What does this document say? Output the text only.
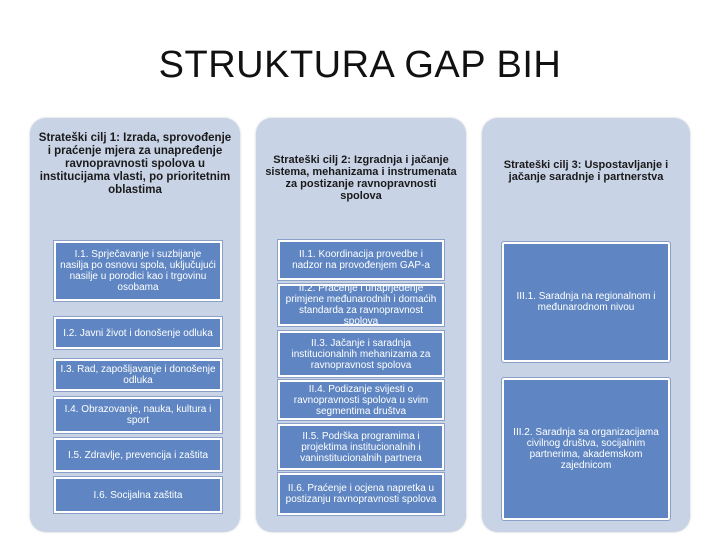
STRUKTURA GAP BIH
Strateški cilj 1: Izrada, sprovođenje i praćenje mjera za unapređenje ravnopravnosti spolova u institucijama vlasti, po prioritetnim oblastima
I.1. Sprječavanje i suzbijanje nasilja po osnovu spola, uključujući nasilje u porodici kao i trgovinu osobama
I.2. Javni život i donošenje odluka
I.3. Rad, zapošljavanje i donošenje odluka
I.4. Obrazovanje, nauka, kultura i sport
I.5. Zdravlje, prevencija i zaštita
I.6. Socijalna zaštita
Strateški cilj 2: Izgradnja i jačanje sistema, mehanizama i instrumenata za postizanje ravnopravnosti spolova
II.1. Koordinacija provedbe i nadzor na provođenjem GAP-a
II.2. Praćenje i unaprjeđenje primjene međunarodnih i domaćih standarda za ravnopravnost spolova
II.3. Jačanje i saradnja institucionalnih mehanizama za ravnopravnost spolova
II.4. Podizanje svijesti o ravnopravnosti spolova u svim segmentima društva
II.5. Podrška programima i projektima institucionalnih i vaninstitucionalnih partnera
II.6. Praćenje i ocjena napretka u postizanju ravnopravnosti spolova
Strateški cilj 3: Uspostavljanje i jačanje saradnje i partnerstva
III.1. Saradnja na regionalnom i međunarodnom nivou
III.2. Saradnja sa organizacijama civilnog društva, socijalnim partnerima, akademskom zajednicom
